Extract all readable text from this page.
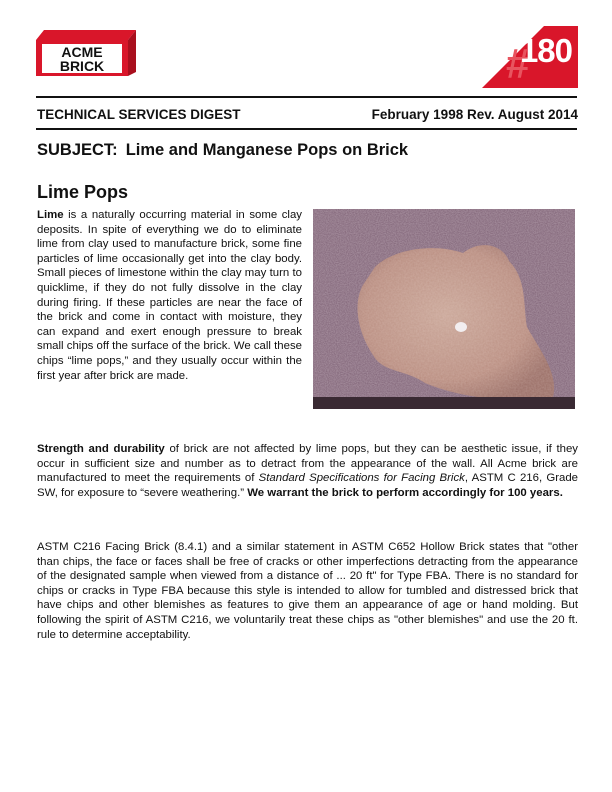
ACME
BRICK	#
180
TECHNICAL SERVICES DIGEST	February 1998 Rev. August 2014
SUBJECT: Lime and Manganese Pops on Brick
Lime Pops

Lime is a naturally occurring material in some clay deposits. In spite of everything we do to eliminate lime from clay used to manufacture brick, some fine particles of lime occasionally get into the clay body. Small pieces of limestone within the clay may turn to quicklime, if they do not fully dissolve in the clay during firing. If these particles are near the face of the brick and come in contact with moisture, they can expand and exert enough pressure to break small chips off the surface of the brick. We call these chips “lime pops,” and they usually occur within the first year after brick are made.

Strength and durability of brick are not affected by lime pops, but they can be aesthetic issue, if they occur in sufficient size and number as to detract from the appearance of the wall. All Acme brick are manufactured to meet the requirements of Standard Specifications for Facing Brick, ASTM C 216, Grade SW, for exposure to “severe weathering.” We warrant the brick to perform accordingly for 100 years.

ASTM C216 Facing Brick (8.4.1) and a similar statement in ASTM C652 Hollow Brick states that "other than chips, the face or faces shall be free of cracks or other imperfections detracting from the appearance of the designated sample when viewed from a distance of ... 20 ft" for Type FBA. There is no standard for chips or cracks in Type FBA because this style is intended to allow for tumbled and distressed brick that have chips and other blemishes as features to give them an appearance of age or hand molding. But following the spirit of ASTM C216, we voluntarily treat these chips as "other blemishes" and use the 20 ft. rule to determine acceptability.
